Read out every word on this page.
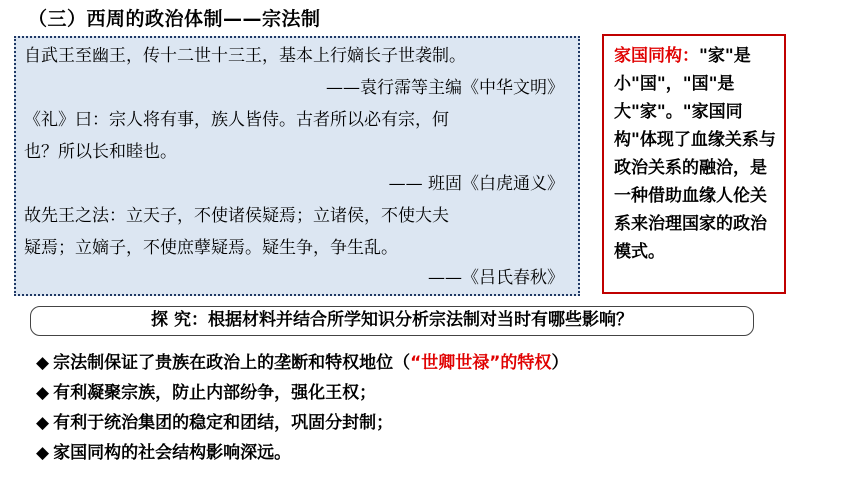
（三）西周的政治体制——宗法制
自武王至幽王，传十二世十三王，基本上行嫡长子世袭制。
——袁行霈等主编《中华文明》
《礼》曰：宗人将有事，族人皆侍。古者所以必有宗，何
也？所以长和睦也。
—— 班固《白虎通义》
故先王之法：立天子，不使诸侯疑焉；立诸侯，不使大夫
疑焉；立嫡子，不使庶孽疑焉。疑生争，争生乱。
——《吕氏春秋》
家国同构："家"是小"国"，"国"是大"家"。"家国同构"体现了血缘关系与政治关系的融洽，是一种借助血缘人伦关系来治理国家的政治模式。
探 究：根据材料并结合所学知识分析宗法制对当时有哪些影响？
◆ 宗法制保证了贵族在政治上的垄断和特权地位（“世卿世禄”的特权）
◆ 有利凝聚宗族，防止内部纷争，强化王权；
◆ 有利于统治集团的稳定和团结，巩固分封制；
◆ 家国同构的社会结构影响深远。
